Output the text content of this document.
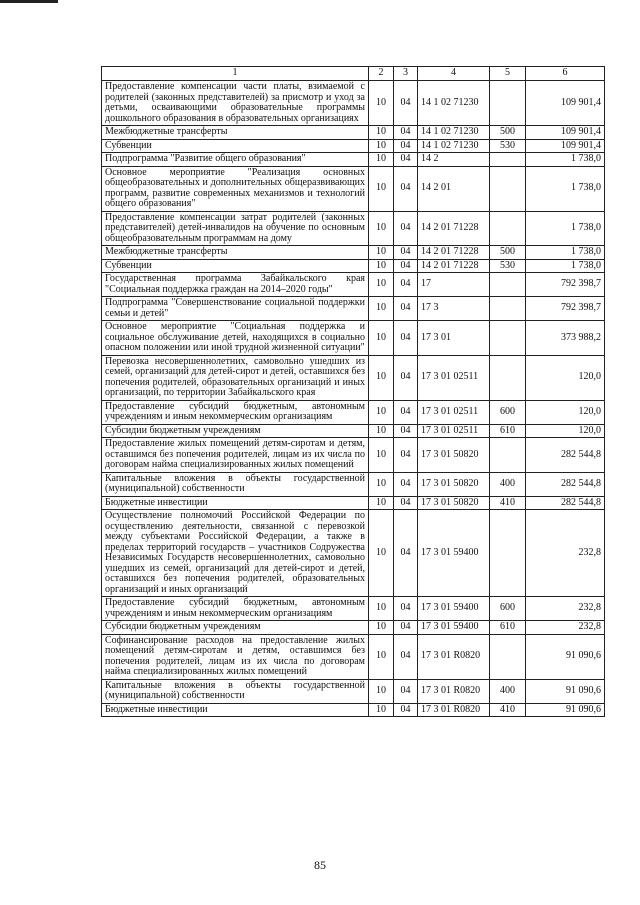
1	2	3	4	5	6
Предоставление компенсации части платы, взимаемой с родителей (законных представителей) за присмотр и уход за детьми, осваивающими образовательные программы дошкольного образования в образовательных организациях	10	04	14 1 02 71230		109 901,4
Межбюджетные трансферты	10	04	14 1 02 71230	500	109 901,4
Субвенции	10	04	14 1 02 71230	530	109 901,4
Подпрограмма "Развитие общего образования"	10	04	14 2		1 738,0
Основное мероприятие "Реализация основных общеобразовательных и дополнительных общеразвивающих программ, развитие современных механизмов и технологий общего образования"	10	04	14 2 01		1 738,0
Предоставление компенсации затрат родителей (законных представителей) детей-инвалидов на обучение по основным общеобразовательным программам на дому	10	04	14 2 01 71228		1 738,0
Межбюджетные трансферты	10	04	14 2 01 71228	500	1 738,0
Субвенции	10	04	14 2 01 71228	530	1 738,0
Государственная программа Забайкальского края "Социальная поддержка граждан на 2014–2020 годы"	10	04	17		792 398,7
Подпрограмма "Совершенствование социальной поддержки семьи и детей"	10	04	17 3		792 398,7
Основное мероприятие "Социальная поддержка и социальное обслуживание детей, находящихся в социально опасном положении или иной трудной жизненной ситуации"	10	04	17 3 01		373 988,2
Перевозка несовершеннолетних, самовольно ушедших из семей, организаций для детей-сирот и детей, оставшихся без попечения родителей, образовательных организаций и иных организаций, по территории Забайкальского края	10	04	17 3 01 02511		120,0
Предоставление субсидий бюджетным, автономным учреждениям и иным некоммерческим организациям	10	04	17 3 01 02511	600	120,0
Субсидии бюджетным учреждениям	10	04	17 3 01 02511	610	120,0
Предоставление жилых помещений детям-сиротам и детям, оставшимся без попечения родителей, лицам из их числа по договорам найма специализированных жилых помещений	10	04	17 3 01 50820		282 544,8
Капитальные вложения в объекты государственной (муниципальной) собственности	10	04	17 3 01 50820	400	282 544,8
Бюджетные инвестиции	10	04	17 3 01 50820	410	282 544,8
Осуществление полномочий Российской Федерации по осуществлению деятельности, связанной с перевозкой между субъектами Российской Федерации, а также в пределах территорий государств – участников Содружества Независимых Государств несовершеннолетних, самовольно ушедших из семей, организаций для детей-сирот и детей, оставшихся без попечения родителей, образовательных организаций и иных организаций	10	04	17 3 01 59400		232,8
Предоставление субсидий бюджетным, автономным учреждениям и иным некоммерческим организациям	10	04	17 3 01 59400	600	232,8
Субсидии бюджетным учреждениям	10	04	17 3 01 59400	610	232,8
Софинансирование расходов на предоставление жилых помещений детям-сиротам и детям, оставшимся без попечения родителей, лицам из их числа по договорам найма специализированных жилых помещений	10	04	17 3 01 R0820		91 090,6
Капитальные вложения в объекты государственной (муниципальной) собственности	10	04	17 3 01 R0820	400	91 090,6
Бюджетные инвестиции	10	04	17 3 01 R0820	410	91 090,6
85
